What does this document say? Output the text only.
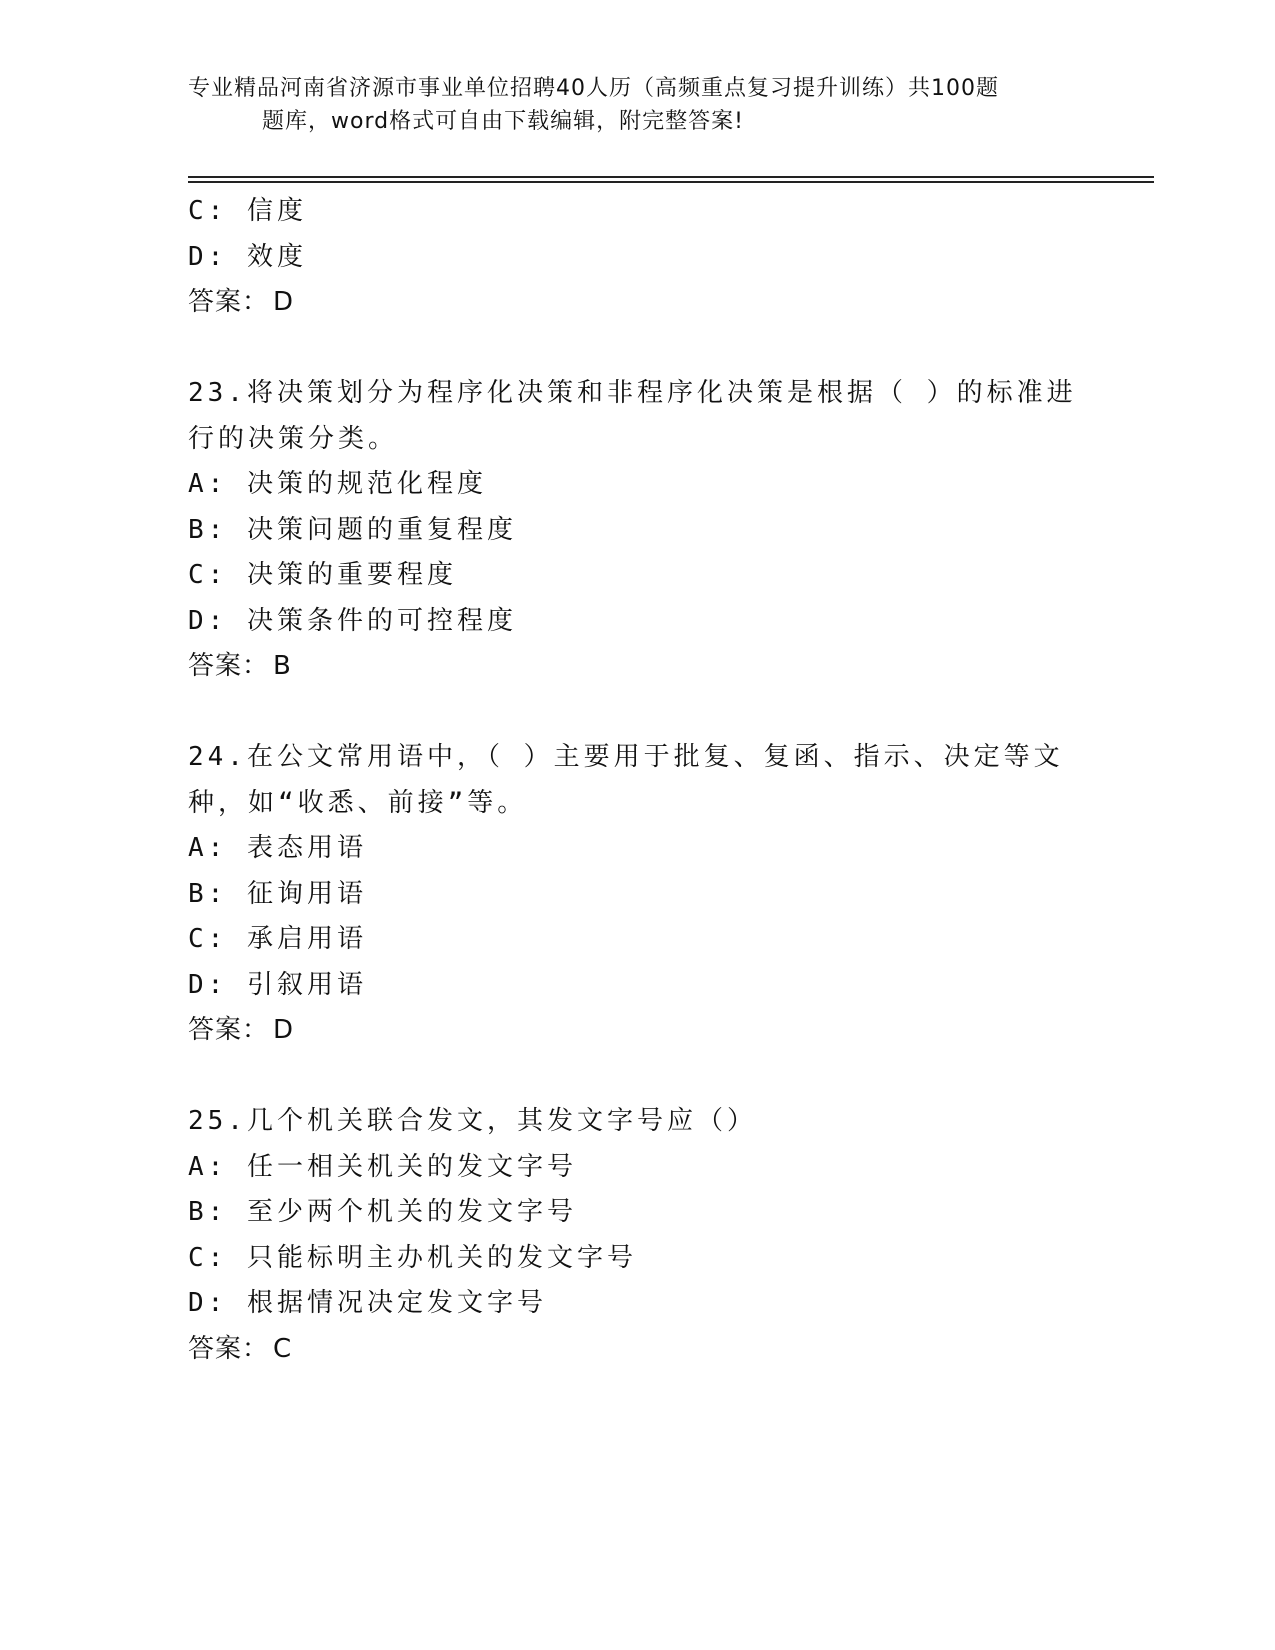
专业精品河南省济源市事业单位招聘40人历（高频重点复习提升训练）共100题
题库，word格式可自由下载编辑，附完整答案!
C: 信度
D: 效度
答案： D
23.将决策划分为程序化决策和非程序化决策是根据（ ）的标准进
行的决策分类。
A: 决策的规范化程度
B: 决策问题的重复程度
C: 决策的重要程度
D: 决策条件的可控程度
答案： B
24.在公文常用语中，（ ）主要用于批复、复函、指示、决定等文
种，如“收悉、前接”等。
A: 表态用语
B: 征询用语
C: 承启用语
D: 引叙用语
答案： D
25.几个机关联合发文，其发文字号应（）
A: 任一相关机关的发文字号
B: 至少两个机关的发文字号
C: 只能标明主办机关的发文字号
D: 根据情况决定发文字号
答案： C
